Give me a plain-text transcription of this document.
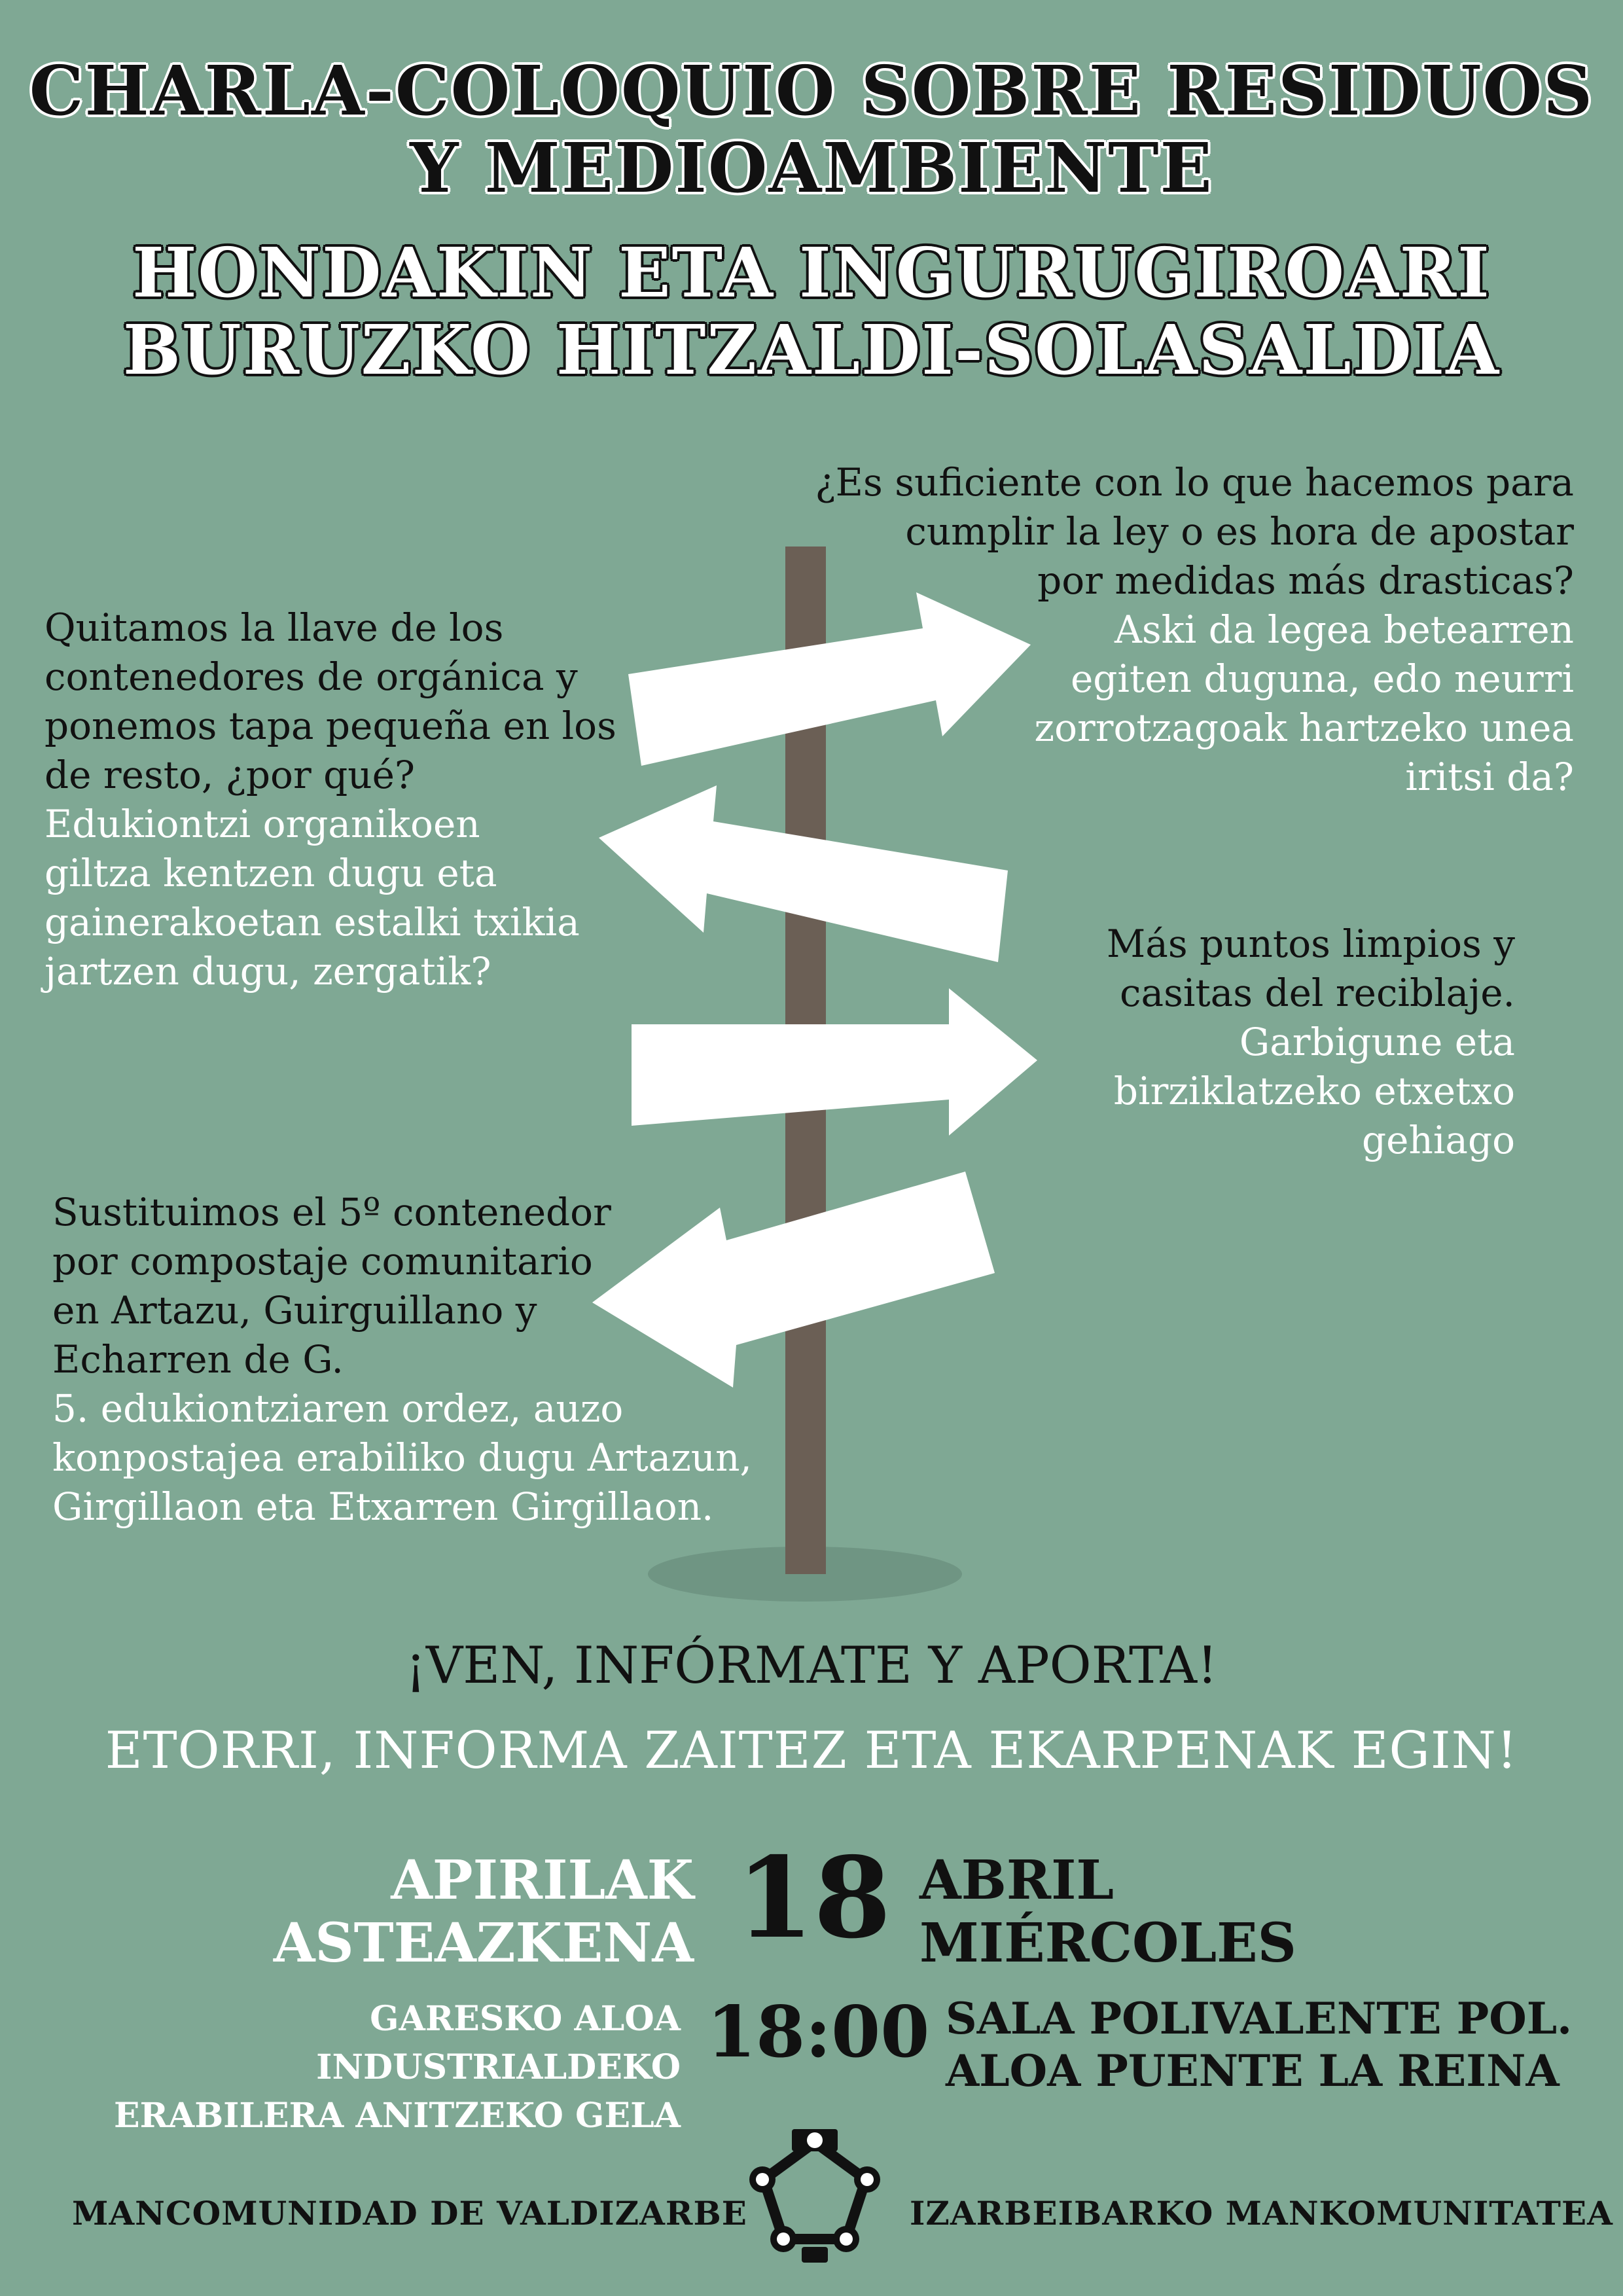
CHARLA-COLOQUIO SOBRE RESIDUOS
Y MEDIOAMBIENTE
HONDAKIN ETA INGURUGIROARI
BURUZKO HITZALDI-SOLASALDIA
Quitamos la llave de los
contenedores de orgánica y
ponemos tapa pequeña en los
de resto, ¿por qué?
Edukiontzi organikoen
giltza kentzen dugu eta
gainerakoetan estalki txikia
jartzen dugu, zergatik?
¿Es suficiente con lo que hacemos para
cumplir la ley o es hora de apostar
por medidas más drasticas?
Aski da legea betearren
egiten duguna, edo neurri
zorrotzagoak hartzeko unea
iritsi da?
Más puntos limpios y
casitas del reciblaje.
Garbigune eta
birziklatzeko etxetxo
gehiago
Sustituimos el 5º contenedor
por compostaje comunitario
en Artazu, Guirguillano y
Echarren de G.
5. edukiontziaren ordez, auzo
konpostajea erabiliko dugu Artazun,
Girgillaon eta Etxarren Girgillaon.
¡VEN, INFÓRMATE Y APORTA!
ETORRI, INFORMA ZAITEZ ETA EKARPENAK EGIN!
APIRILAK
ASTEAZKENA 18 ABRIL
MIÉRCOLES
GARESKO ALOA INDUSTRIALDEKO
ERABILERA ANITZEKO GELA
18:00 SALA POLIVALENTE POL.
ALOA PUENTE LA REINA
MANCOMUNIDAD DE VALDIZARBE	IZARBEIBARKO MANKOMUNITATEA
